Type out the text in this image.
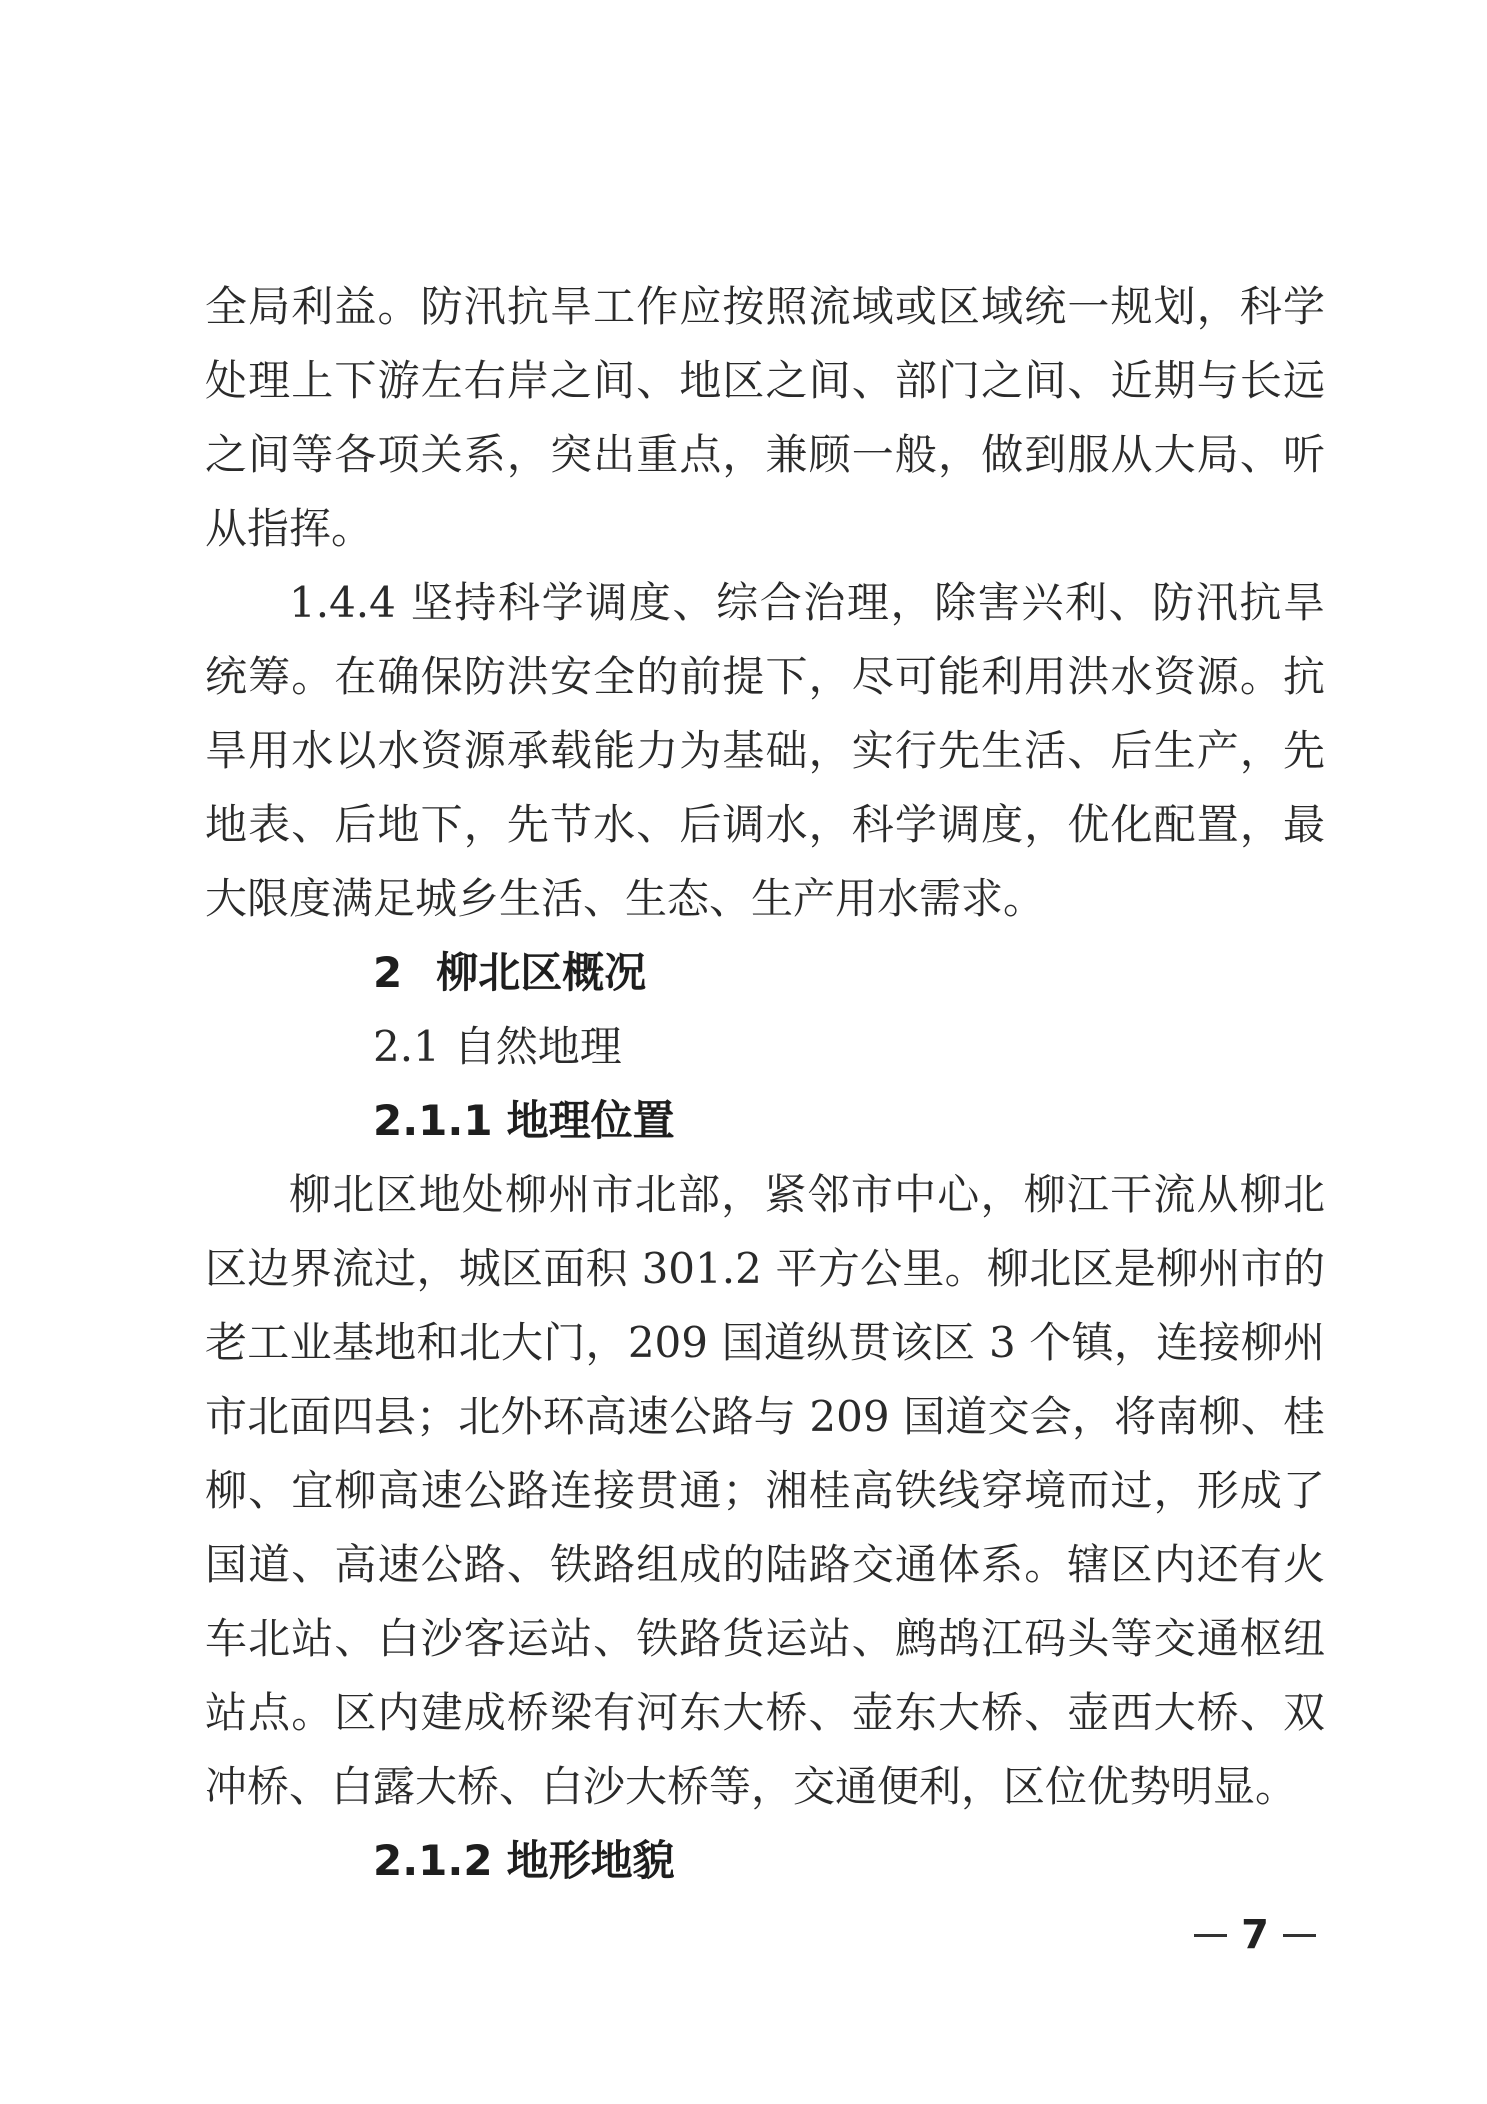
全局利益。防汛抗旱工作应按照流域或区域统一规划，科学处理上下游左右岸之间、地区之间、部门之间、近期与长远之间等各项关系，突出重点，兼顾一般，做到服从大局、听从指挥。

1.4.4 坚持科学调度、综合治理，除害兴利、防汛抗旱统筹。在确保防洪安全的前提下，尽可能利用洪水资源。抗旱用水以水资源承载能力为基础，实行先生活、后生产，先地表、后地下，先节水、后调水，科学调度，优化配置，最大限度满足城乡生活、生态、生产用水需求。

2 柳北区概况

2.1 自然地理

2.1.1 地理位置

柳北区地处柳州市北部，紧邻市中心，柳江干流从柳北区边界流过，城区面积 301.2 平方公里。柳北区是柳州市的老工业基地和北大门，209 国道纵贯该区 3 个镇，连接柳州市北面四县；北外环高速公路与 209 国道交会，将南柳、桂柳、宜柳高速公路连接贯通；湘桂高铁线穿境而过，形成了国道、高速公路、铁路组成的陆路交通体系。辖区内还有火车北站、白沙客运站、铁路货运站、鹧鸪江码头等交通枢纽站点。区内建成桥梁有河东大桥、壶东大桥、壶西大桥、双冲桥、白露大桥、白沙大桥等，交通便利，区位优势明显。

2.1.2 地形地貌

7
